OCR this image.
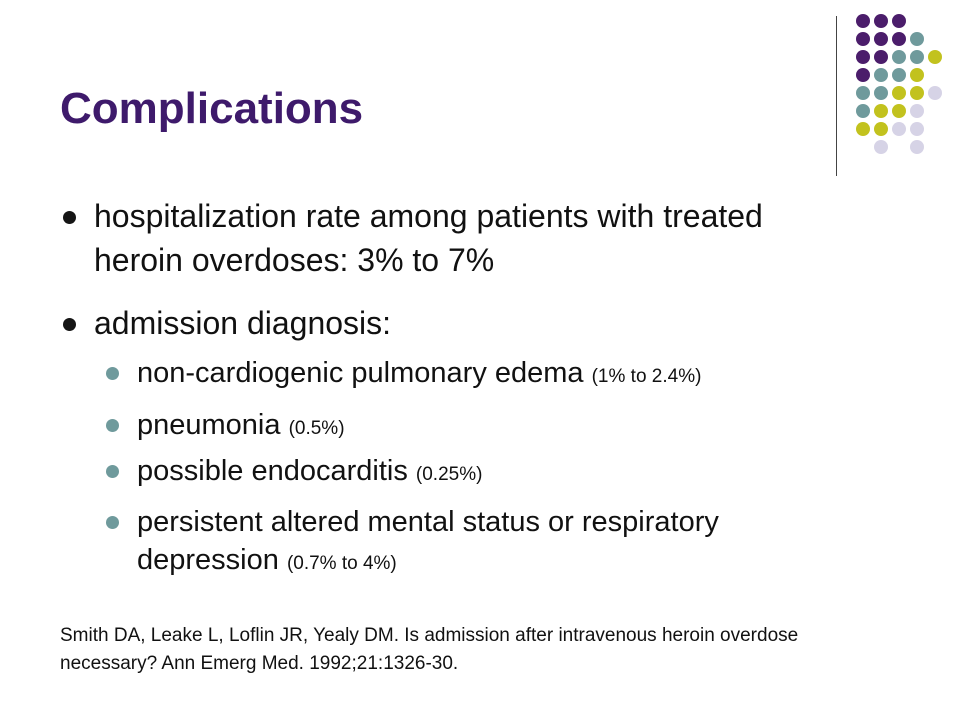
Complications
hospitalization rate among patients with treated heroin overdoses: 3% to 7%
admission diagnosis:
non-cardiogenic pulmonary edema (1% to 2.4%)
pneumonia (0.5%)
possible endocarditis (0.25%)
persistent altered mental status or respiratory depression (0.7% to 4%)

Smith DA, Leake L, Loflin JR, Yealy DM. Is admission after intravenous heroin overdose necessary? Ann Emerg Med. 1992;21:1326-30.
